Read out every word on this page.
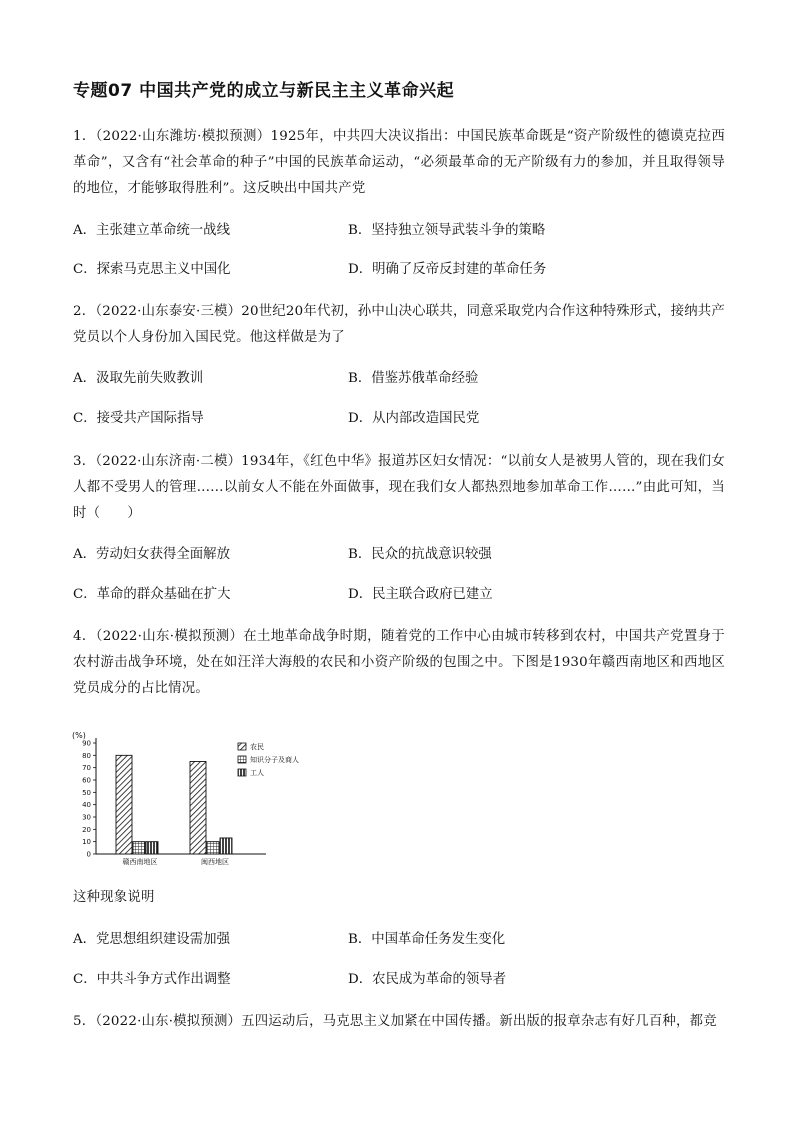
专题07 中国共产党的成立与新民主主义革命兴起
1．（2022·山东潍坊·模拟预测）1925年，中共四大决议指出：中国民族革命既是“资产阶级性的德谟克拉西革命”，又含有“社会革命的种子”中国的民族革命运动，“必须最革命的无产阶级有力的参加，并且取得领导的地位，才能够取得胜利”。这反映出中国共产党
A．主张建立革命统一战线	B．坚持独立领导武装斗争的策略
C．探索马克思主义中国化	D．明确了反帝反封建的革命任务
2．（2022·山东泰安·三模）20世纪20年代初，孙中山决心联共，同意采取党内合作这种特殊形式，接纳共产党员以个人身份加入国民党。他这样做是为了
A．汲取先前失败教训	B．借鉴苏俄革命经验
C．接受共产国际指导	D．从内部改造国民党
3．（2022·山东济南·二模）1934年，《红色中华》报道苏区妇女情况：“以前女人是被男人管的，现在我们女人都不受男人的管理……以前女人不能在外面做事，现在我们女人都热烈地参加革命工作……”由此可知，当时（　　）
A．劳动妇女获得全面解放	B．民众的抗战意识较强
C．革命的群众基础在扩大	D．民主联合政府已建立
4．（2022·山东·模拟预测）在土地革命战争时期，随着党的工作中心由城市转移到农村，中国共产党置身于农村游击战争环境，处在如汪洋大海般的农民和小资产阶级的包围之中。下图是1930年赣西南地区和西地区党员成分的占比情况。
(%)
90
80
70
60
50
40
30
20
10
0
赣西南地区	闽西地区
农民
知识分子及商人
工人
这种现象说明
A．党思想组织建设需加强	B．中国革命任务发生变化
C．中共斗争方式作出调整	D．农民成为革命的领导者
5．（2022·山东·模拟预测）五四运动后，马克思主义加紧在中国传播。新出版的报章杂志有好几百种，都竞
